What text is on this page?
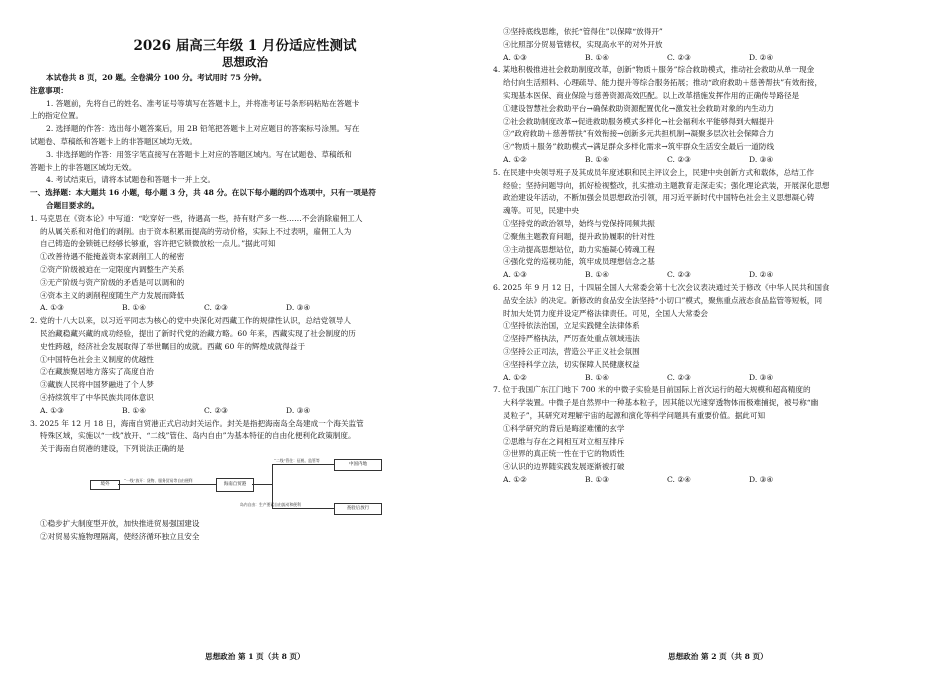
2026 届高三年级 1 月份适应性测试
思想政治

本试卷共 8 页，20 题。全卷满分 100 分。考试用时 75 分钟。

注意事项：

1. 答题前，先将自己的姓名、准考证号等填写在答题卡上，并将准考证号条形码粘贴在答题卡

上的指定位置。

2. 选择题的作答：选出每小题答案后，用 2B 铅笔把答题卡上对应题目的答案标号涂黑。写在

试题卷、草稿纸和答题卡上的非答题区域均无效。

3. 非选择题的作答：用签字笔直接写在答题卡上对应的答题区域内。写在试题卷、草稿纸和

答题卡上的非答题区域均无效。

4. 考试结束后，请将本试题卷和答题卡一并上交。

一、选择题：本大题共 16 小题，每小题 3 分，共 48 分。在以下每小题的四个选项中，只有一项是符

合题目要求的。

1. 马克思在《资本论》中写道：“吃穿好一些，待遇高一些，持有财产多一些……不会消除雇佣工人

的从属关系和对他们的剥削。由于资本积累而提高的劳动价格，实际上不过表明，雇佣工人为

自己铸造的金锁链已经够长够重，容许把它锁微放松一点儿。”据此可知

①改善待遇不能掩盖资本家剥削工人的秘密

②资产阶级被迫在一定限度内调整生产关系

③无产阶级与资产阶级的矛盾是可以调和的

④资本主义的剥削程度随生产力发展而降低

A. ①③	B. ①④	C. ②③	D. ③④

2. 党的十八大以来，以习近平同志为核心的党中央深化对西藏工作的规律性认识，总结党领导人

民治藏稳藏兴藏的成功经验，提出了新时代党的治藏方略。60 年来，西藏实现了社会制度的历

史性跨越，经济社会发展取得了举世瞩目的成就。西藏 60 年的辉煌成就得益于

①中国特色社会主义制度的优越性

②在藏族聚居地方落实了高度自治

③藏族人民将中国梦融进了个人梦

④持续筑牢了中华民族共同体意识

A. ①③	B. ①④	C. ②③	D. ③④

3. 2025 年 12 月 18 日，海南自贸港正式启动封关运作。封关是指把海南岛全岛建成一个海关监管

特殊区域，实施以“一线”放开、“二线”管住、岛内自由”为基本特征的自由化便利化政策制度。

关于海南自贸港的建设，下列说法正确的是

境外
“一线”放开：货物、服务贸易等自由便利
海南自贸港
“二线”管住：征税、监管等
岛内自由：生产要素自由流动和便利
中国内地
查验后放行

①稳步扩大制度型开放，加快推进贸易强国建设

②对贸易实施物理隔离，使经济循环独立且安全

思想政治 第 1 页（共 8 页）

③坚持底线思维，依托“管得住”以保障“放得开”

④比照部分贸易管辖权，实现高水平的对外开放

A. ①③	B. ①④	C. ②③	D. ②④

4. 某地积极推进社会救助制度改革，创新“物质＋服务”综合救助模式，推动社会救助从单一现金

给付向生活照料、心理疏导、能力提升等综合服务拓展；推动“政府救助＋慈善帮扶”有效衔接，

实现基本医保、商业保险与慈善资源高效匹配。以上改革措施发挥作用的正确传导路径是

①建设智慧社会救助平台→确保救助资源配置优化→激发社会救助对象的内生动力

②社会救助制度改革→促进救助服务模式多样化→社会福利水平能够得到大幅提升

③“政府救助＋慈善帮扶”有效衔接→创新多元共担机制→凝聚多层次社会保障合力

④“物质＋服务”救助模式→满足群众多样化需求→筑牢群众生活安全最后一道防线

A. ①②	B. ①④	C. ②③	D. ③④

5. 在民建中央领导班子及其成员年度述职和民主评议会上，民建中央创新方式和载体，总结工作

经验；坚持问题导向，抓好检视整改，扎实推动主题教育走深走实；强化理论武装，开展深化思想

政治建设年活动，不断加强会员思想政治引领，用习近平新时代中国特色社会主义思想凝心铸

魂等。可见，民建中央

①坚持党的政治领导，始终与党保持同频共振

②聚焦主题教育问题，提升政协履职的针对性

③主动提高思想站位，助力实施凝心铸魂工程

④强化党的巡视功能，筑牢成员理想信念之基

A. ①③	B. ①④	C. ②③	D. ②④

6. 2025 年 9 月 12 日，十四届全国人大常委会第十七次会议表决通过关于修改《中华人民共和国食

品安全法》的决定。新修改的食品安全法坚持“小切口”模式，聚焦重点液态食品监管等短板，同

时加大处罚力度并设定严格法律责任。可见，全国人大常委会

①坚持依法治国，立足实践健全法律体系

②坚持严格执法，严厉查处重点领域违法

③坚持公正司法，营造公平正义社会氛围

④坚持科学立法，切实保障人民健康权益

A. ①②	B. ①④	C. ②③	D. ③④

7. 位于我国广东江门地下 700 米的中微子实验是目前国际上首次运行的超大规模和超高精度的

大科学装置。中微子是自然界中一种基本粒子，因其能以光速穿透物体而极难捕捉，被号称“幽

灵粒子”，其研究对理解宇宙的起源和演化等科学问题具有重要价值。据此可知

①科学研究的背后是晦涩难懂的玄学

②思维与存在之间相互对立相互排斥

③世界的真正统一性在于它的物质性

④认识的边界随实践发展逐渐被打破

A. ①②	B. ①③	C. ②④	D. ③④
思想政治 第 2 页（共 8 页）
